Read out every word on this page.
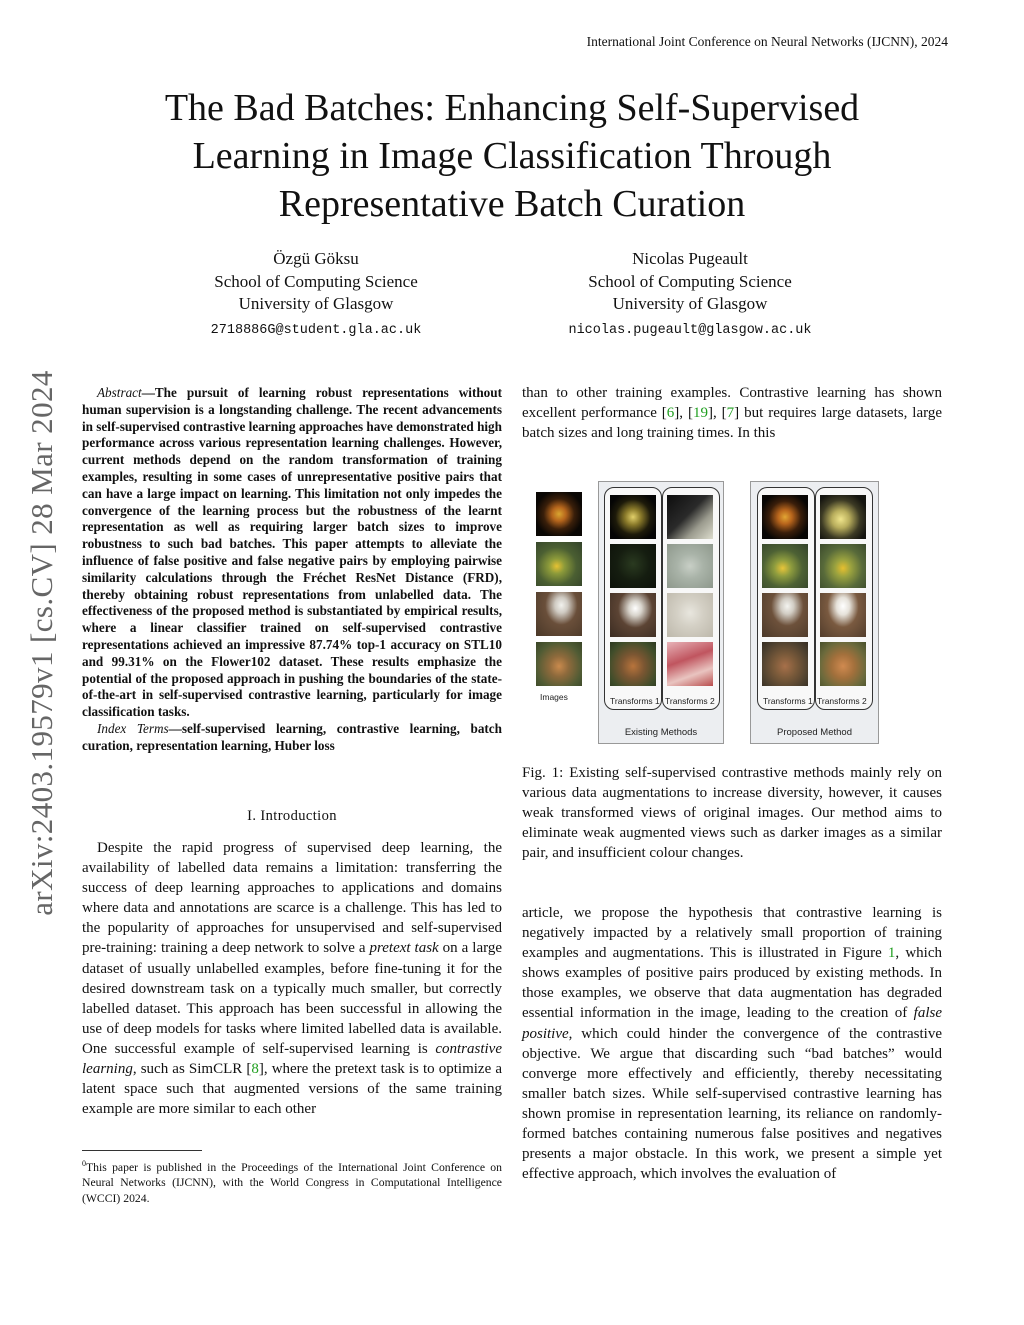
International Joint Conference on Neural Networks (IJCNN), 2024
arXiv:2403.19579v1 [cs.CV] 28 Mar 2024
The Bad Batches: Enhancing Self-Supervised
Learning in Image Classification Through
Representative Batch Curation
Özgü Göksu
School of Computing Science
University of Glasgow
2718886G@student.gla.ac.uk
Nicolas Pugeault
School of Computing Science
University of Glasgow
nicolas.pugeault@glasgow.ac.uk

Abstract—The pursuit of learning robust representations without human supervision is a longstanding challenge. The recent advancements in self-supervised contrastive learning approaches have demonstrated high performance across various representation learning challenges. However, current methods depend on the random transformation of training examples, resulting in some cases of unrepresentative positive pairs that can have a large impact on learning. This limitation not only impedes the convergence of the learning process but the robustness of the learnt representation as well as requiring larger batch sizes to improve robustness to such bad batches. This paper attempts to alleviate the influence of false positive and false negative pairs by employing pairwise similarity calculations through the Fréchet ResNet Distance (FRD), thereby obtaining robust representations from unlabelled data. The effectiveness of the proposed method is substantiated by empirical results, where a linear classifier trained on self-supervised contrastive representations achieved an impressive 87.74% top-1 accuracy on STL10 and 99.31% on the Flower102 dataset. These results emphasize the potential of the proposed approach in pushing the boundaries of the state-of-the-art in self-supervised contrastive learning, particularly for image classification tasks.

Index Terms—self-supervised learning, contrastive learning, batch curation, representation learning, Huber loss

I. Introduction

Despite the rapid progress of supervised deep learning, the availability of labelled data remains a limitation: transferring the success of deep learning approaches to applications and domains where data and annotations are scarce is a challenge. This has led to the popularity of approaches for unsupervised and self-supervised pre-training: training a deep network to solve a pretext task on a large dataset of usually unlabelled examples, before fine-tuning it for the desired downstream task on a typically much smaller, but correctly labelled dataset. This approach has been successful in allowing the use of deep models for tasks where limited labelled data is available. One successful example of self-supervised learning is contrastive learning, such as SimCLR [8], where the pretext task is to optimize a latent space such that augmented versions of the same training example are more similar to each other

$^0$This paper is published in the Proceedings of the International Joint Conference on Neural Networks (IJCNN), with the World Congress in Computational Intelligence (WCCI) 2024.

than to other training examples. Contrastive learning has shown excellent performance [6], [19], [7] but requires large datasets, large batch sizes and long training times. In this

Images	Transforms 1 Transforms 2
Existing Methods
Transforms 1 Transforms 2
Proposed Method
Fig. 1: Existing self-supervised contrastive methods mainly rely on various data augmentations to increase diversity, however, it causes weak transformed views of original images. Our method aims to eliminate weak augmented views such as darker images as a similar pair, and insufficient colour changes.

article, we propose the hypothesis that contrastive learning is negatively impacted by a relatively small proportion of training examples and augmentations. This is illustrated in Figure 1, which shows examples of positive pairs produced by existing methods. In those examples, we observe that data augmentation has degraded essential information in the image, leading to the creation of false positive, which could hinder the convergence of the contrastive objective. We argue that discarding such “bad batches” would converge more effectively and efficiently, thereby necessitating smaller batch sizes. While self-supervised contrastive learning has shown promise in representation learning, its reliance on randomly-formed batches containing numerous false positives and negatives presents a major obstacle. In this work, we present a simple yet effective approach, which involves the evaluation of
